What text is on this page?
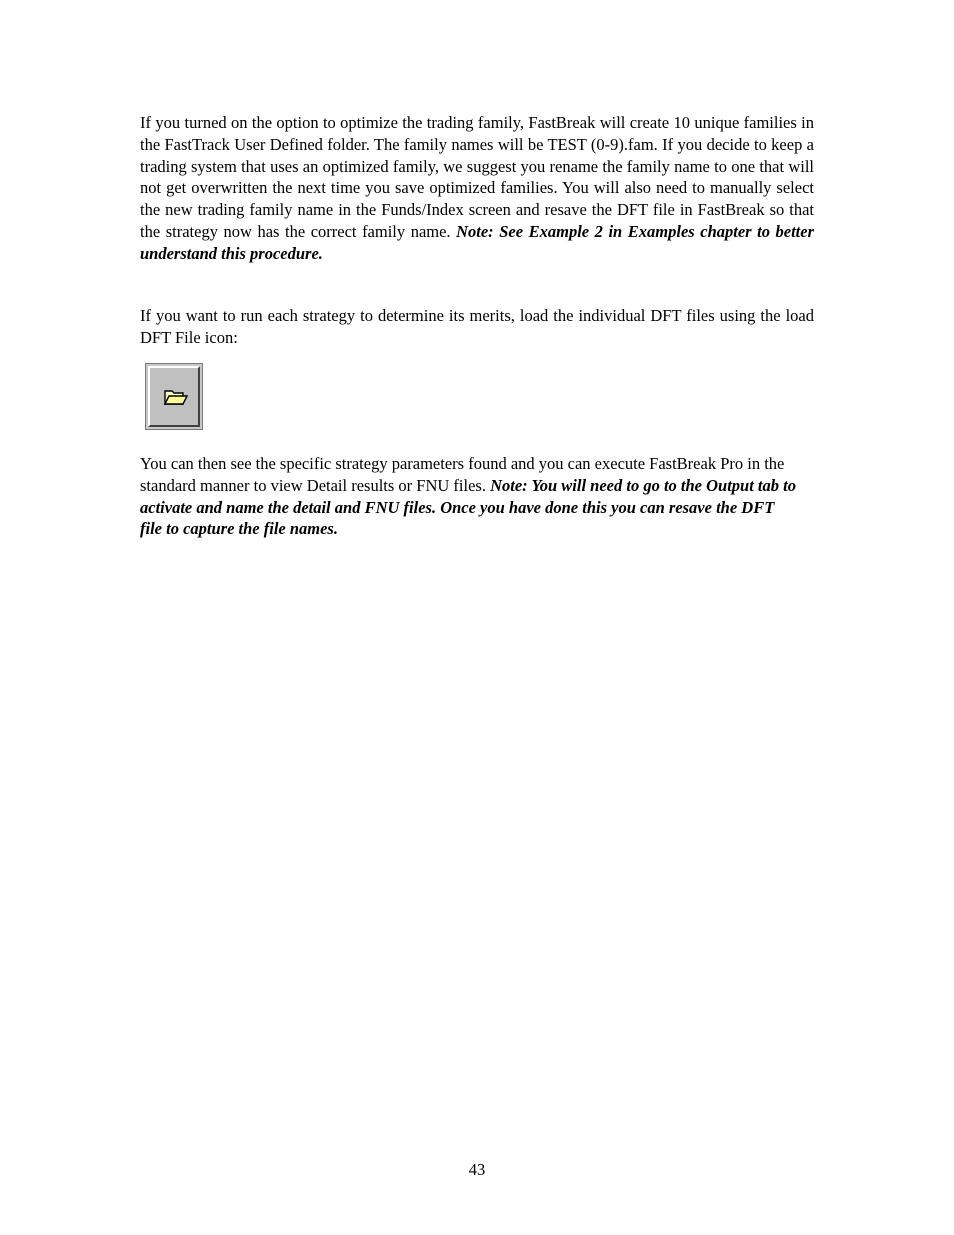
If you turned on the option to optimize the trading family, FastBreak will create 10 unique families in the FastTrack User Defined folder. The family names will be TEST (0-9).fam. If you decide to keep a trading system that uses an optimized family, we suggest you rename the family name to one that will not get overwritten the next time you save optimized families. You will also need to manually select the new trading family name in the Funds/Index screen and resave the DFT file in FastBreak so that the strategy now has the correct family name. Note: See Example 2 in Examples chapter to better understand this procedure.

If you want to run each strategy to determine its merits, load the individual DFT files using the load DFT File icon:

You can then see the specific strategy parameters found and you can execute FastBreak Pro in the standard manner to view Detail results or FNU files. Note: You will need to go to the Output tab to activate and name the detail and FNU files. Once you have done this you can resave the DFT file to capture the file names.

43
